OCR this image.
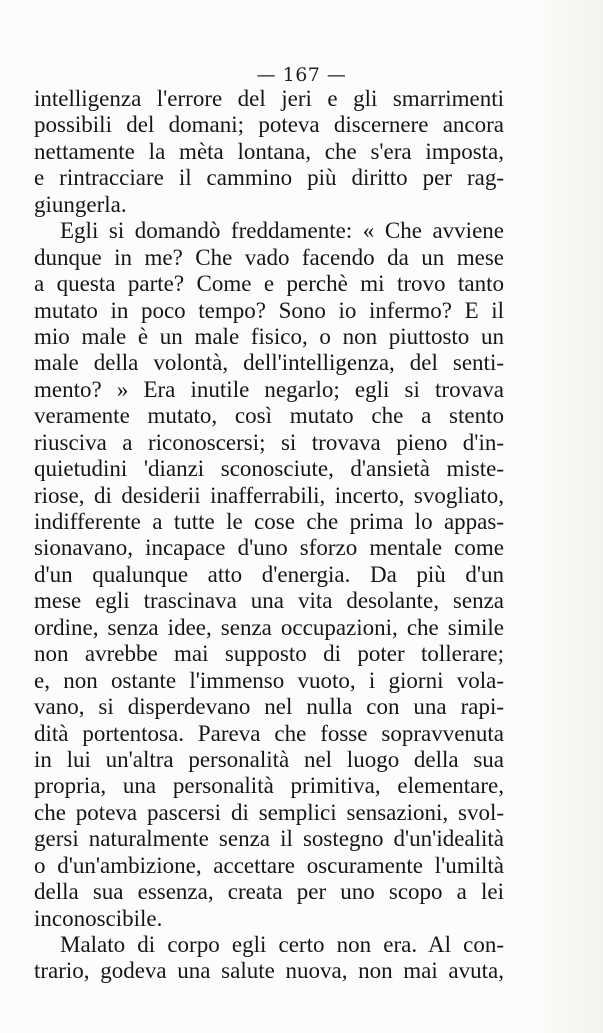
— 167 —
intelligenza l'errore del jeri e gli smarrimenti
possibili del domani; poteva discernere ancora
nettamente la mèta lontana, che s'era imposta,
e rintracciare il cammino più diritto per rag-
giungerla.
Egli si domandò freddamente: « Che avviene
dunque in me? Che vado facendo da un mese
a questa parte? Come e perchè mi trovo tanto
mutato in poco tempo? Sono io infermo? E il
mio male è un male fisico, o non piuttosto un
male della volontà, dell'intelligenza, del senti-
mento? » Era inutile negarlo; egli si trovava
veramente mutato, così mutato che a stento
riusciva a riconoscersi; si trovava pieno d'in-
quietudini 'dianzi sconosciute, d'ansietà miste-
riose, di desiderii inafferrabili, incerto, svogliato,
indifferente a tutte le cose che prima lo appas-
sionavano, incapace d'uno sforzo mentale come
d'un qualunque atto d'energia. Da più d'un
mese egli trascinava una vita desolante, senza
ordine, senza idee, senza occupazioni, che simile
non avrebbe mai supposto di poter tollerare;
e, non ostante l'immenso vuoto, i giorni vola-
vano, si disperdevano nel nulla con una rapi-
dità portentosa. Pareva che fosse sopravvenuta
in lui un'altra personalità nel luogo della sua
propria, una personalità primitiva, elementare,
che poteva pascersi di semplici sensazioni, svol-
gersi naturalmente senza il sostegno d'un'idealità
o d'un'ambizione, accettare oscuramente l'umiltà
della sua essenza, creata per uno scopo a lei
inconoscibile.
Malato di corpo egli certo non era. Al con-
trario, godeva una salute nuova, non mai avuta,
